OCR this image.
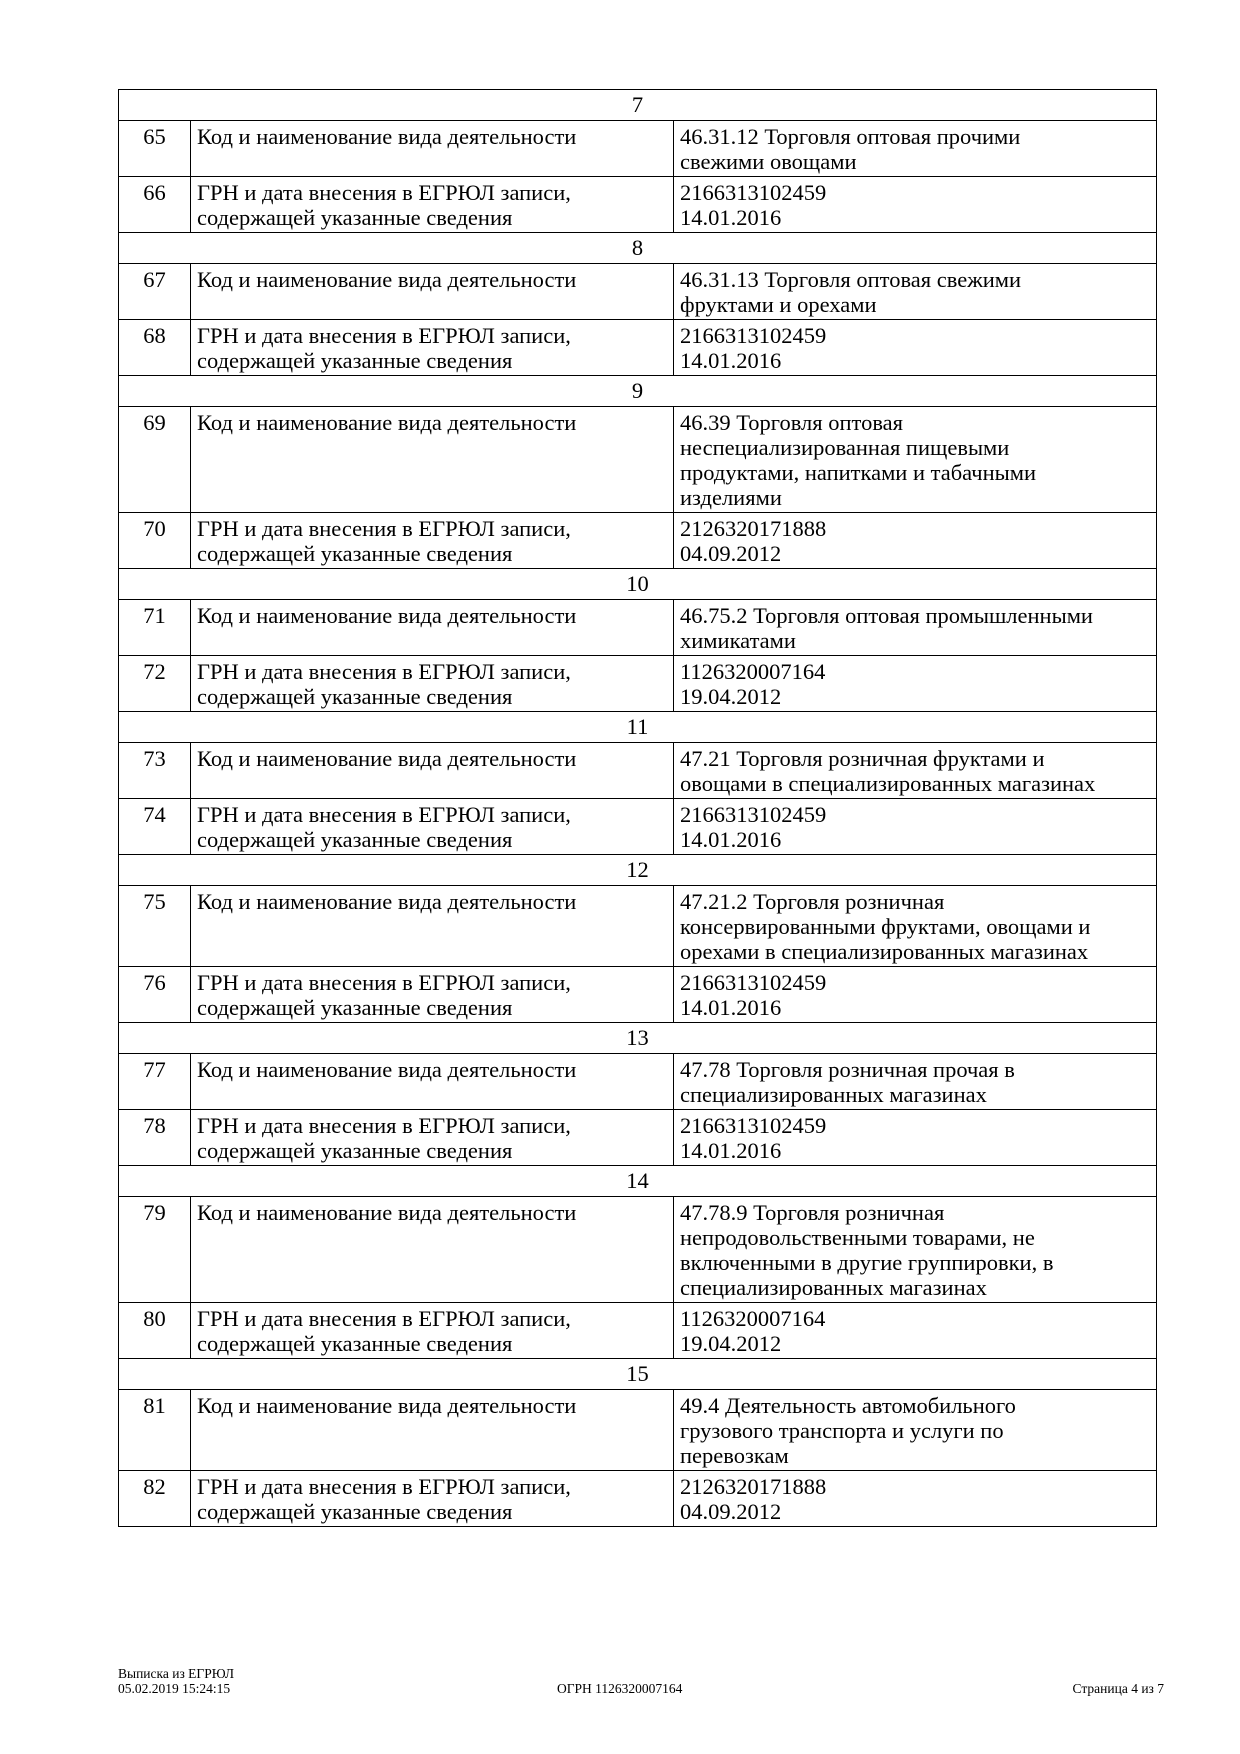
7		
65	Код и наименование вида деятельности	46.31.12 Торговля оптовая прочими
свежими овощами

66	ГРН и дата внесения в ЕГРЮЛ записи,
содержащей указанные сведения	2166313102459
14.01.2016

8		
67	Код и наименование вида деятельности	46.31.13 Торговля оптовая свежими
фруктами и орехами

68	ГРН и дата внесения в ЕГРЮЛ записи,
содержащей указанные сведения	2166313102459
14.01.2016

9		
69	Код и наименование вида деятельности	46.39 Торговля оптовая
неспециализированная пищевыми
продуктами, напитками и табачными
изделиями

70	ГРН и дата внесения в ЕГРЮЛ записи,
содержащей указанные сведения	2126320171888
04.09.2012

10		
71	Код и наименование вида деятельности	46.75.2 Торговля оптовая промышленными
химикатами

72	ГРН и дата внесения в ЕГРЮЛ записи,
содержащей указанные сведения	1126320007164
19.04.2012

11		
73	Код и наименование вида деятельности	47.21 Торговля розничная фруктами и
овощами в специализированных магазинах

74	ГРН и дата внесения в ЕГРЮЛ записи,
содержащей указанные сведения	2166313102459
14.01.2016

12		
75	Код и наименование вида деятельности	47.21.2 Торговля розничная
консервированными фруктами, овощами и
орехами в специализированных магазинах

76	ГРН и дата внесения в ЕГРЮЛ записи,
содержащей указанные сведения	2166313102459
14.01.2016

13		
77	Код и наименование вида деятельности	47.78 Торговля розничная прочая в
специализированных магазинах

78	ГРН и дата внесения в ЕГРЮЛ записи,
содержащей указанные сведения	2166313102459
14.01.2016

14		
79	Код и наименование вида деятельности	47.78.9 Торговля розничная
непродовольственными товарами, не
включенными в другие группировки, в
специализированных магазинах

80	ГРН и дата внесения в ЕГРЮЛ записи,
содержащей указанные сведения	1126320007164
19.04.2012

15		
81	Код и наименование вида деятельности	49.4 Деятельность автомобильного
грузового транспорта и услуги по
перевозкам

82	ГРН и дата внесения в ЕГРЮЛ записи,
содержащей указанные сведения	2126320171888
04.09.2012
Выписка из ЕГРЮЛ
05.02.2019 15:24:15	ОГРН 1126320007164	Страница 4 из 7
